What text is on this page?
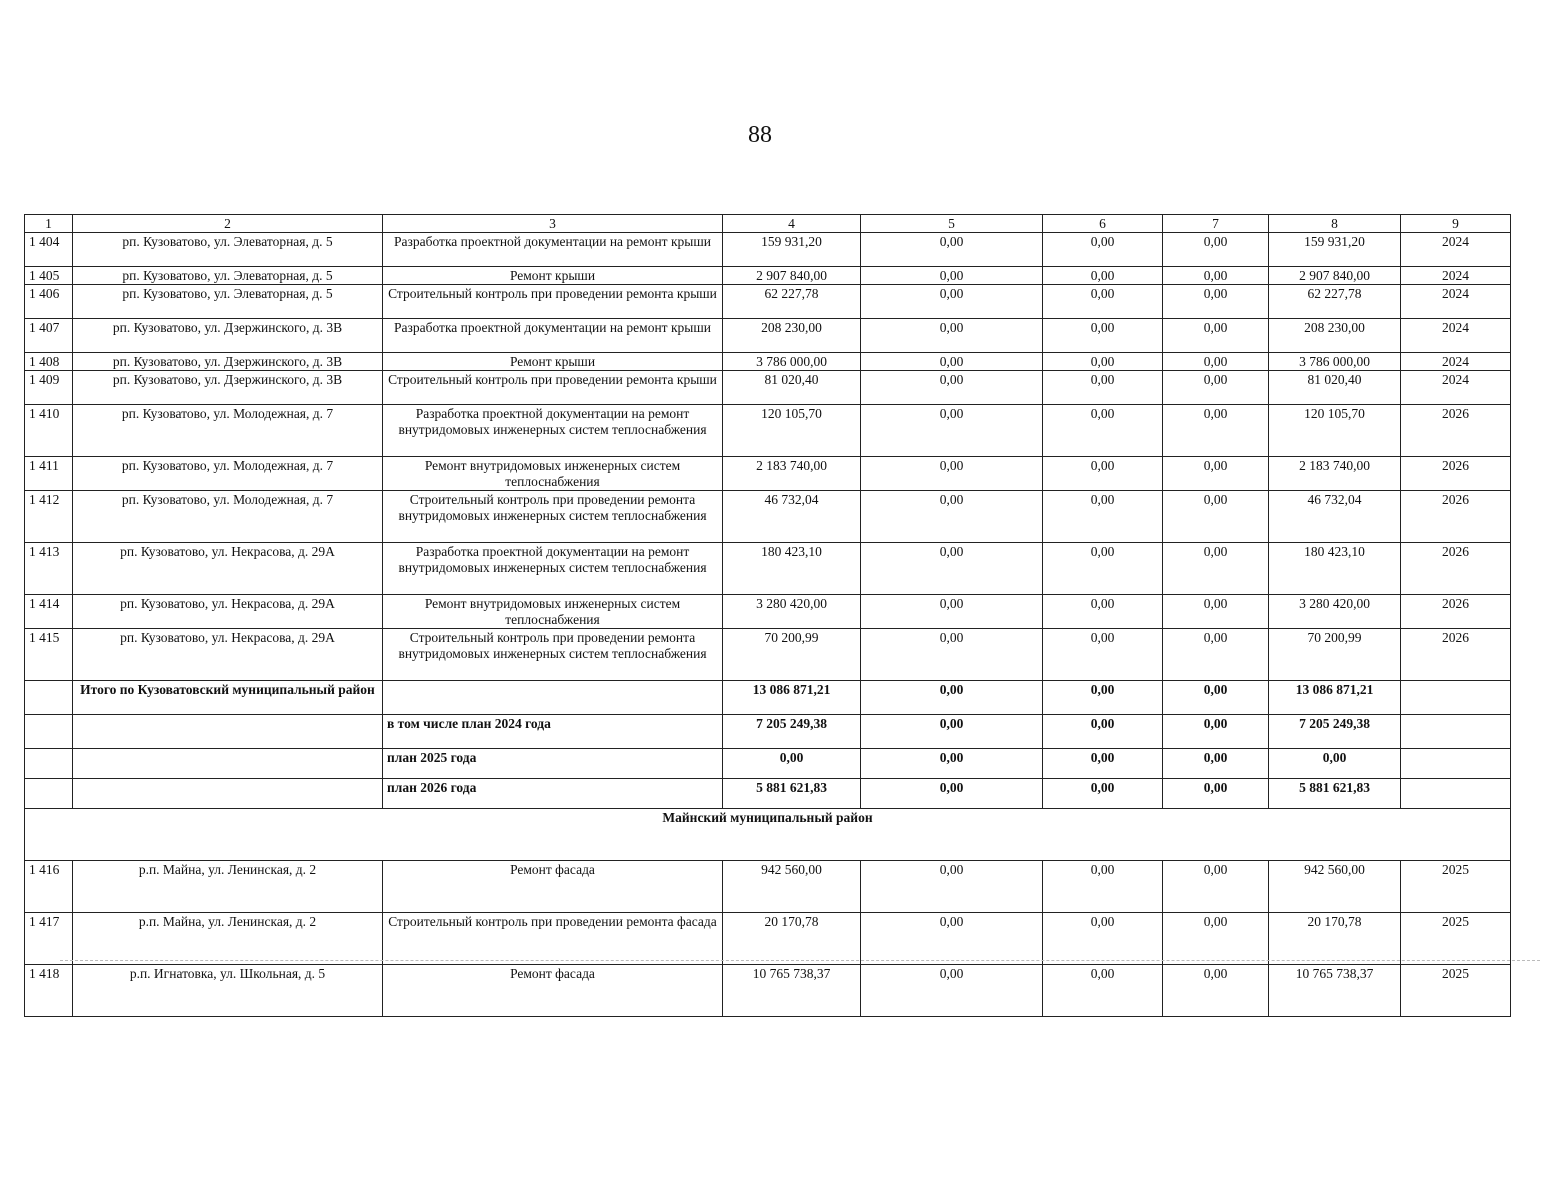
88
1	2	3	4	5	6	7	8	9
1 404	рп. Кузоватово, ул. Элеваторная, д. 5	Разработка проектной документации на ремонт крыши	159 931,20	0,00	0,00	0,00	159 931,20	2024
1 405	рп. Кузоватово, ул. Элеваторная, д. 5	Ремонт крыши	2 907 840,00	0,00	0,00	0,00	2 907 840,00	2024
1 406	рп. Кузоватово, ул. Элеваторная, д. 5	Строительный контроль при проведении ремонта крыши	62 227,78	0,00	0,00	0,00	62 227,78	2024
1 407	рп. Кузоватово, ул. Дзержинского, д. 3В	Разработка проектной документации на ремонт крыши	208 230,00	0,00	0,00	0,00	208 230,00	2024
1 408	рп. Кузоватово, ул. Дзержинского, д. 3В	Ремонт крыши	3 786 000,00	0,00	0,00	0,00	3 786 000,00	2024
1 409	рп. Кузоватово, ул. Дзержинского, д. 3В	Строительный контроль при проведении ремонта крыши	81 020,40	0,00	0,00	0,00	81 020,40	2024
1 410	рп. Кузоватово, ул. Молодежная, д. 7	Разработка проектной документации на ремонт внутридомовых инженерных систем теплоснабжения	120 105,70	0,00	0,00	0,00	120 105,70	2026
1 411	рп. Кузоватово, ул. Молодежная, д. 7	Ремонт внутридомовых инженерных систем теплоснабжения	2 183 740,00	0,00	0,00	0,00	2 183 740,00	2026
1 412	рп. Кузоватово, ул. Молодежная, д. 7	Строительный контроль при проведении ремонта внутридомовых инженерных систем теплоснабжения	46 732,04	0,00	0,00	0,00	46 732,04	2026
1 413	рп. Кузоватово, ул. Некрасова, д. 29А	Разработка проектной документации на ремонт внутридомовых инженерных систем теплоснабжения	180 423,10	0,00	0,00	0,00	180 423,10	2026
1 414	рп. Кузоватово, ул. Некрасова, д. 29А	Ремонт внутридомовых инженерных систем теплоснабжения	3 280 420,00	0,00	0,00	0,00	3 280 420,00	2026
1 415	рп. Кузоватово, ул. Некрасова, д. 29А	Строительный контроль при проведении ремонта внутридомовых инженерных систем теплоснабжения	70 200,99	0,00	0,00	0,00	70 200,99	2026
	Итого по Кузоватовский муниципальный район		13 086 871,21	0,00	0,00	0,00	13 086 871,21	
		в том числе план 2024 года	7 205 249,38	0,00	0,00	0,00	7 205 249,38	
		план 2025 года	0,00	0,00	0,00	0,00	0,00	
		план 2026 года	5 881 621,83	0,00	0,00	0,00	5 881 621,83	
Майнский муниципальный район								
1 416	р.п. Майна, ул. Ленинская, д. 2	Ремонт фасада	942 560,00	0,00	0,00	0,00	942 560,00	2025
1 417	р.п. Майна, ул. Ленинская, д. 2	Строительный контроль при проведении ремонта фасада	20 170,78	0,00	0,00	0,00	20 170,78	2025
1 418	р.п. Игнатовка, ул. Школьная, д. 5	Ремонт фасада	10 765 738,37	0,00	0,00	0,00	10 765 738,37	2025
